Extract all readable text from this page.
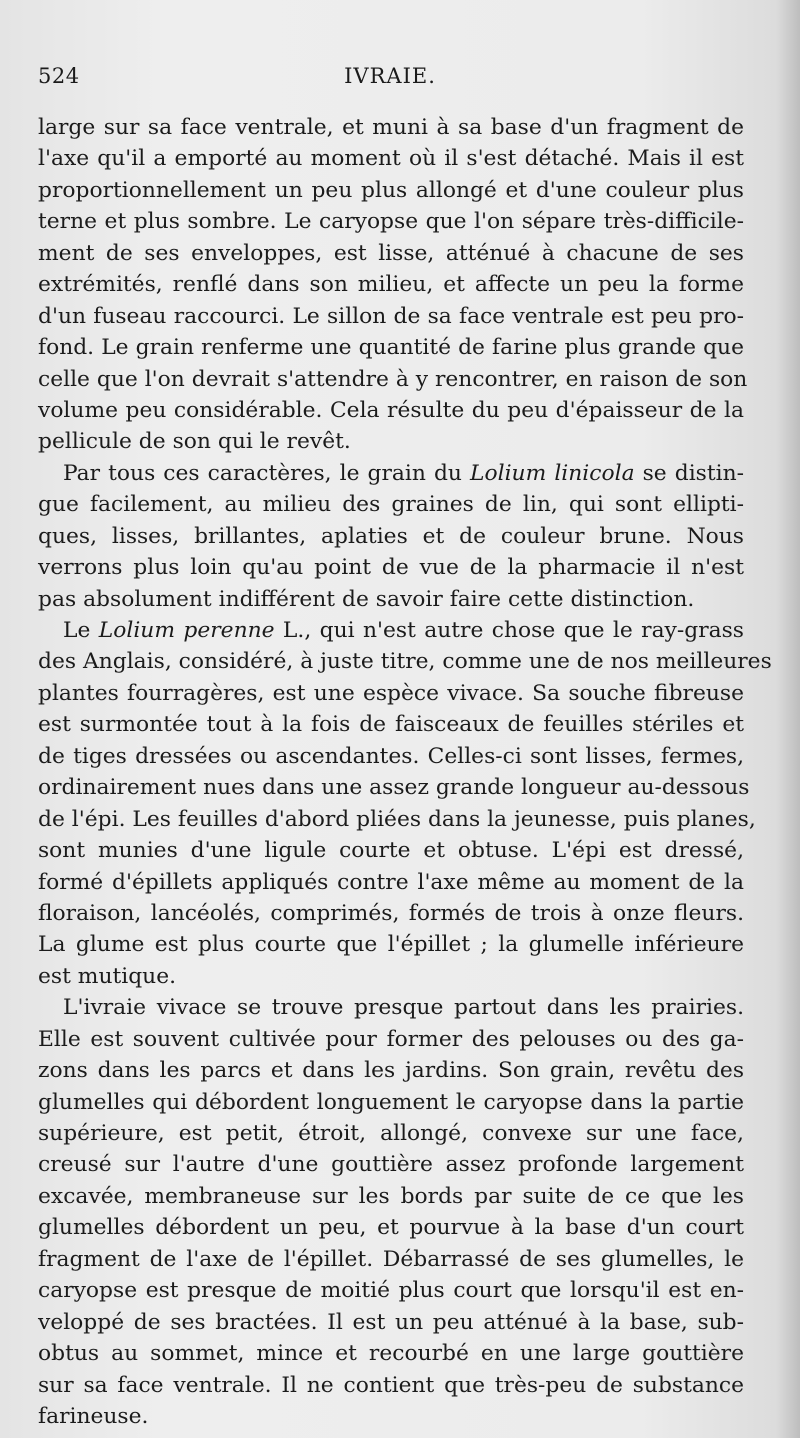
524	IVRAIE.
large sur sa face ventrale, et muni à sa base d'un fragment de
l'axe qu'il a emporté au moment où il s'est détaché. Mais il est
proportionnellement un peu plus allongé et d'une couleur plus
terne et plus sombre. Le caryopse que l'on sépare très-difficile-
ment de ses enveloppes, est lisse, atténué à chacune de ses
extrémités, renflé dans son milieu, et affecte un peu la forme
d'un fuseau raccourci. Le sillon de sa face ventrale est peu pro-
fond. Le grain renferme une quantité de farine plus grande que
celle que l'on devrait s'attendre à y rencontrer, en raison de son
volume peu considérable. Cela résulte du peu d'épaisseur de la
pellicule de son qui le revêt.
Par tous ces caractères, le grain du Lolium linicola se distin-
gue facilement, au milieu des graines de lin, qui sont ellipti-
ques, lisses, brillantes, aplaties et de couleur brune. Nous
verrons plus loin qu'au point de vue de la pharmacie il n'est
pas absolument indifférent de savoir faire cette distinction.
Le Lolium perenne L., qui n'est autre chose que le ray-grass
des Anglais, considéré, à juste titre, comme une de nos meilleures
plantes fourragères, est une espèce vivace. Sa souche fibreuse
est surmontée tout à la fois de faisceaux de feuilles stériles et
de tiges dressées ou ascendantes. Celles-ci sont lisses, fermes,
ordinairement nues dans une assez grande longueur au-dessous
de l'épi. Les feuilles d'abord pliées dans la jeunesse, puis planes,
sont munies d'une ligule courte et obtuse. L'épi est dressé,
formé d'épillets appliqués contre l'axe même au moment de la
floraison, lancéolés, comprimés, formés de trois à onze fleurs.
La glume est plus courte que l'épillet ; la glumelle inférieure
est mutique.
L'ivraie vivace se trouve presque partout dans les prairies.
Elle est souvent cultivée pour former des pelouses ou des ga-
zons dans les parcs et dans les jardins. Son grain, revêtu des
glumelles qui débordent longuement le caryopse dans la partie
supérieure, est petit, étroit, allongé, convexe sur une face,
creusé sur l'autre d'une gouttière assez profonde largement
excavée, membraneuse sur les bords par suite de ce que les
glumelles débordent un peu, et pourvue à la base d'un court
fragment de l'axe de l'épillet. Débarrassé de ses glumelles, le
caryopse est presque de moitié plus court que lorsqu'il est en-
veloppé de ses bractées. Il est un peu atténué à la base, sub-
obtus au sommet, mince et recourbé en une large gouttière
sur sa face ventrale. Il ne contient que très-peu de substance
farineuse.
